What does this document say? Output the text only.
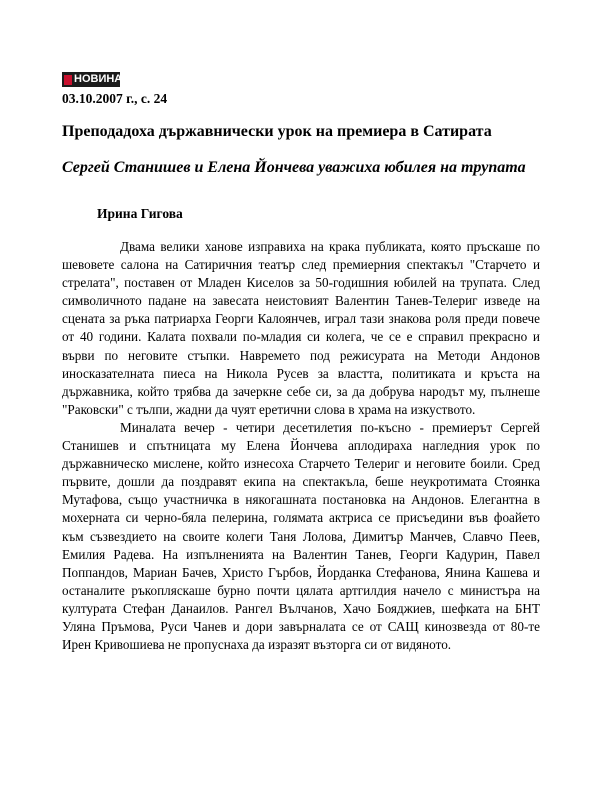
НОВИНАР
03.10.2007 г., с. 24
Преподадоха държавнически урок на премиера в Сатирата
Сергей Станишев и Елена Йончева уважиха юбилея на трупата
Ирина Гигова

Двама велики ханове изправиха на крака публиката, която пръскаше по шевовете салона на Сатиричния театър след премиерния спектакъл "Старчето и стрелата", поставен от Младен Киселов за 50-годишния юбилей на трупата. След символичното падане на завесата неистовият Валентин Танев-Телериг изведе на сцената за ръка патриарха Георги Калоянчев, играл тази знакова роля преди повече от 40 години. Калата похвали по-младия си колега, че се е справил прекрасно и върви по неговите стъпки. Навремето под режисурата на Методи Андонов иносказателната пиеса на Никола Русев за властта, политиката и кръста на държавника, който трябва да зачеркне себе си, за да добрува народът му, пълнеше "Раковски" с тълпи, жадни да чуят еретични слова в храма на изкуството.

Миналата вечер - четири десетилетия по-късно - премиерът Сергей Станишев и спътницата му Елена Йончева аплодираха нагледния урок по държавническо мислене, който изнесоха Старчето Телериг и неговите боили. Сред първите, дошли да поздравят екипа на спектакъла, беше неукротимата Стоянка Мутафова, също участничка в някогашната постановка на Андонов. Елегантна в мохерната си черно-бяла пелерина, голямата актриса се присъедини във фоайето към съзвездието на своите колеги Таня Лолова, Димитър Манчев, Славчо Пеев, Емилия Радева. На изпълненията на Валентин Танев, Георги Кадурин, Павел Поппандов, Мариан Бачев, Христо Гърбов, Йорданка Стефанова, Янина Кашева и останалите ръкопляскаше бурно почти цялата артгилдия начело с министъра на културата Стефан Данаилов. Рангел Вълчанов, Хачо Бояджиев, шефката на БНТ Уляна Пръмова, Руси Чанев и дори завърналата се от САЩ кинозвезда от 80-те Ирен Кривошиева не пропуснаха да изразят възторга си от видяното.
